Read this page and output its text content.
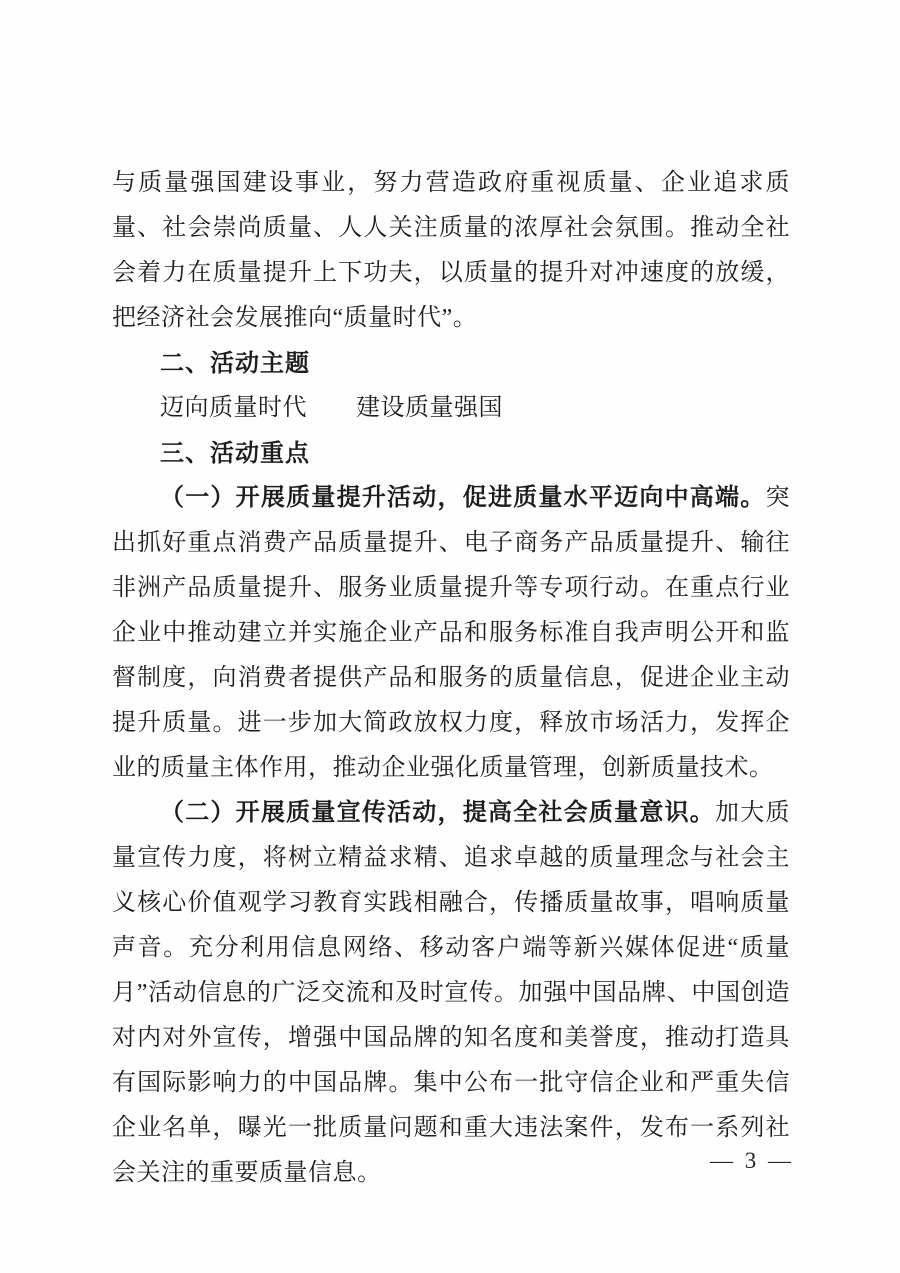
与质量强国建设事业，努力营造政府重视质量、企业追求质量、社会崇尚质量、人人关注质量的浓厚社会氛围。推动全社会着力在质量提升上下功夫，以质量的提升对冲速度的放缓，把经济社会发展推向“质量时代”。

二、活动主题

迈向质量时代　　建设质量强国

三、活动重点

（一）开展质量提升活动，促进质量水平迈向中高端。突出抓好重点消费产品质量提升、电子商务产品质量提升、输往非洲产品质量提升、服务业质量提升等专项行动。在重点行业企业中推动建立并实施企业产品和服务标准自我声明公开和监督制度，向消费者提供产品和服务的质量信息，促进企业主动提升质量。进一步加大简政放权力度，释放市场活力，发挥企业的质量主体作用，推动企业强化质量管理，创新质量技术。

（二）开展质量宣传活动，提高全社会质量意识。加大质量宣传力度，将树立精益求精、追求卓越的质量理念与社会主义核心价值观学习教育实践相融合，传播质量故事，唱响质量声音。充分利用信息网络、移动客户端等新兴媒体促进“质量月”活动信息的广泛交流和及时宣传。加强中国品牌、中国创造对内对外宣传，增强中国品牌的知名度和美誉度，推动打造具有国际影响力的中国品牌。集中公布一批守信企业和严重失信企业名单，曝光一批质量问题和重大违法案件，发布一系列社会关注的重要质量信息。	— 3 —
